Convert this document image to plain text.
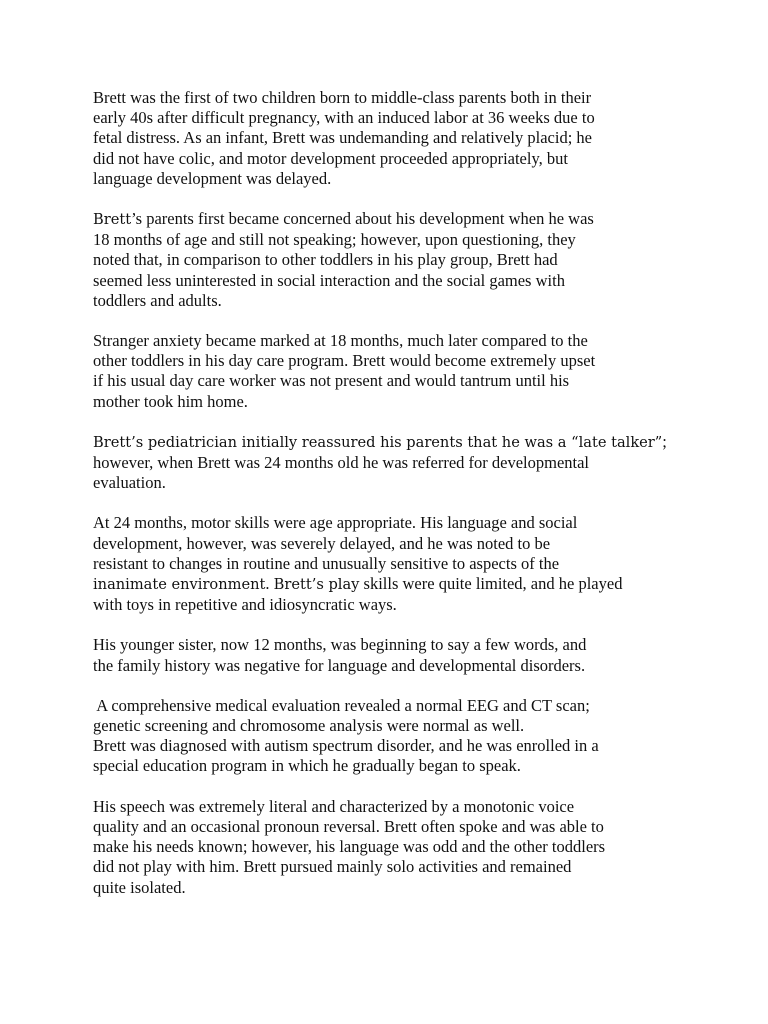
Brett was the first of two children born to middle-class parents both in their
early 40s after difficult pregnancy, with an induced labor at 36 weeks due to
fetal distress. As an infant, Brett was undemanding and relatively placid; he
did not have colic, and motor development proceeded appropriately, but
language development was delayed.

Brett’s parents first became concerned about his development when he was
18 months of age and still not speaking; however, upon questioning, they
noted that, in comparison to other toddlers in his play group, Brett had
seemed less uninterested in social interaction and the social games with
toddlers and adults.

Stranger anxiety became marked at 18 months, much later compared to the
other toddlers in his day care program. Brett would become extremely upset
if his usual day care worker was not present and would tantrum until his
mother took him home.

Brett’s pediatrician initially reassured his parents that he was a “late talker”;
however, when Brett was 24 months old he was referred for developmental
evaluation.

At 24 months, motor skills were age appropriate. His language and social
development, however, was severely delayed, and he was noted to be
resistant to changes in routine and unusually sensitive to aspects of the
inanimate environment. Brett’s play skills were quite limited, and he played
with toys in repetitive and idiosyncratic ways.

His younger sister, now 12 months, was beginning to say a few words, and
the family history was negative for language and developmental disorders.

A comprehensive medical evaluation revealed a normal EEG and CT scan;
genetic screening and chromosome analysis were normal as well.

Brett was diagnosed with autism spectrum disorder, and he was enrolled in a
special education program in which he gradually began to speak.

His speech was extremely literal and characterized by a monotonic voice
quality and an occasional pronoun reversal. Brett often spoke and was able to
make his needs known; however, his language was odd and the other toddlers
did not play with him. Brett pursued mainly solo activities and remained
quite isolated.
